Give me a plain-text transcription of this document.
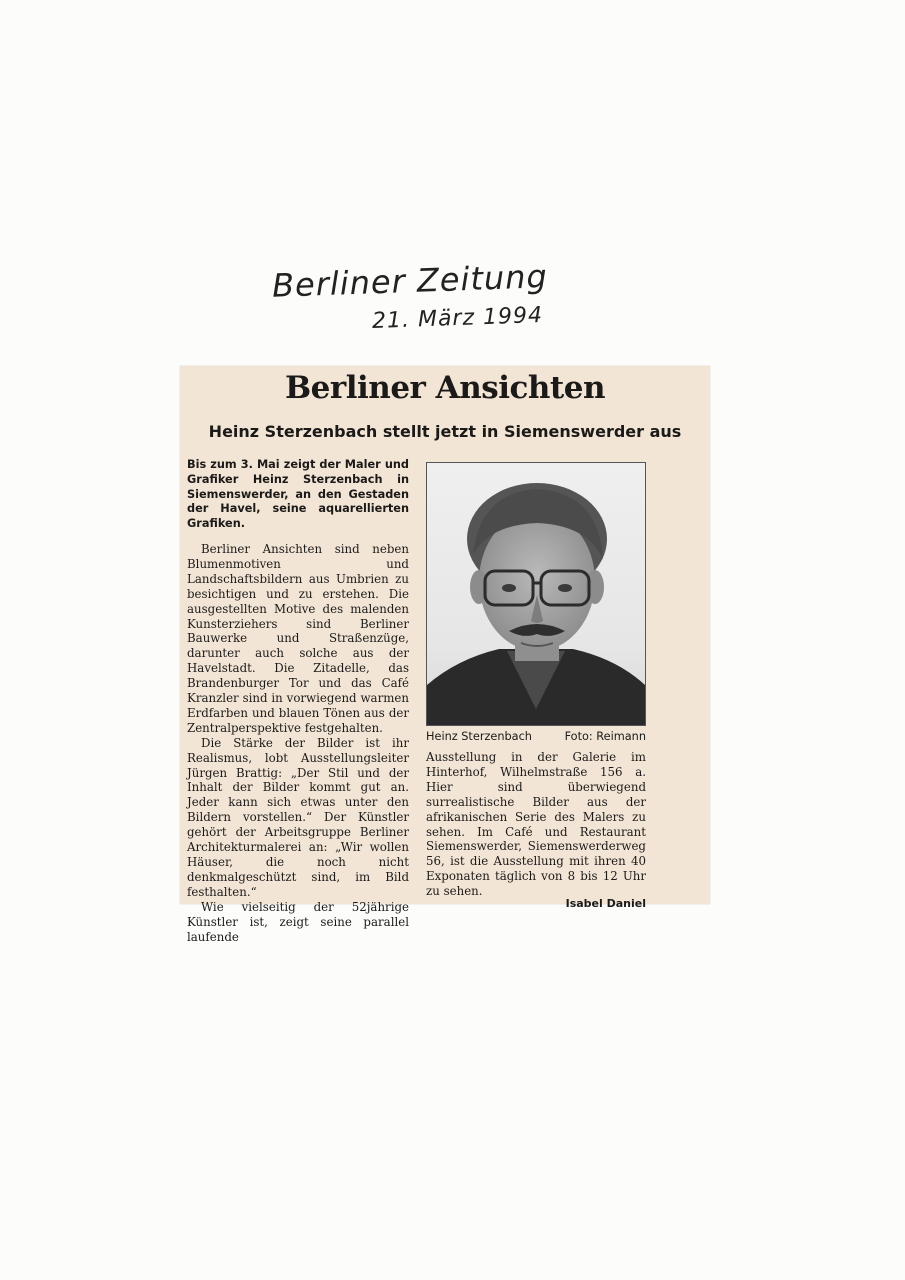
Berliner Zeitung
21. März 1994
Berliner Ansichten
Heinz Sterzenbach stellt jetzt in Siemenswerder aus

Bis zum 3. Mai zeigt der Maler und Grafiker Heinz Sterzenbach in Siemenswerder, an den Gestaden der Havel, seine aquarellierten Grafiken.

Berliner Ansichten sind neben Blumenmotiven und Landschaftsbildern aus Umbrien zu besichtigen und zu erstehen. Die ausgestellten Motive des malenden Kunsterziehers sind Berliner Bauwerke und Straßenzüge, darunter auch solche aus der Havelstadt. Die Zitadelle, das Brandenburger Tor und das Café Kranzler sind in vorwiegend warmen Erdfarben und blauen Tönen aus der Zentralperspektive festgehalten.

Die Stärke der Bilder ist ihr Realismus, lobt Ausstellungsleiter Jürgen Brattig: „Der Stil und der Inhalt der Bilder kommt gut an. Jeder kann sich etwas unter den Bildern vorstellen.“ Der Künstler gehört der Arbeitsgruppe Berliner Architekturmalerei an: „Wir wollen Häuser, die noch nicht denkmalgeschützt sind, im Bild festhalten.“

Wie vielseitig der 52jährige Künstler ist, zeigt seine parallel laufende

Heinz Sterzenbach	Foto: Reimann

Ausstellung in der Galerie im Hinterhof, Wilhelmstraße 156 a. Hier sind überwiegend surrealistische Bilder aus der afrikanischen Serie des Malers zu sehen. Im Café und Restaurant Siemenswerder, Siemenswerderweg 56, ist die Ausstellung mit ihren 40 Exponaten täglich von 8 bis 12 Uhr zu sehen.

Isabel Daniel
